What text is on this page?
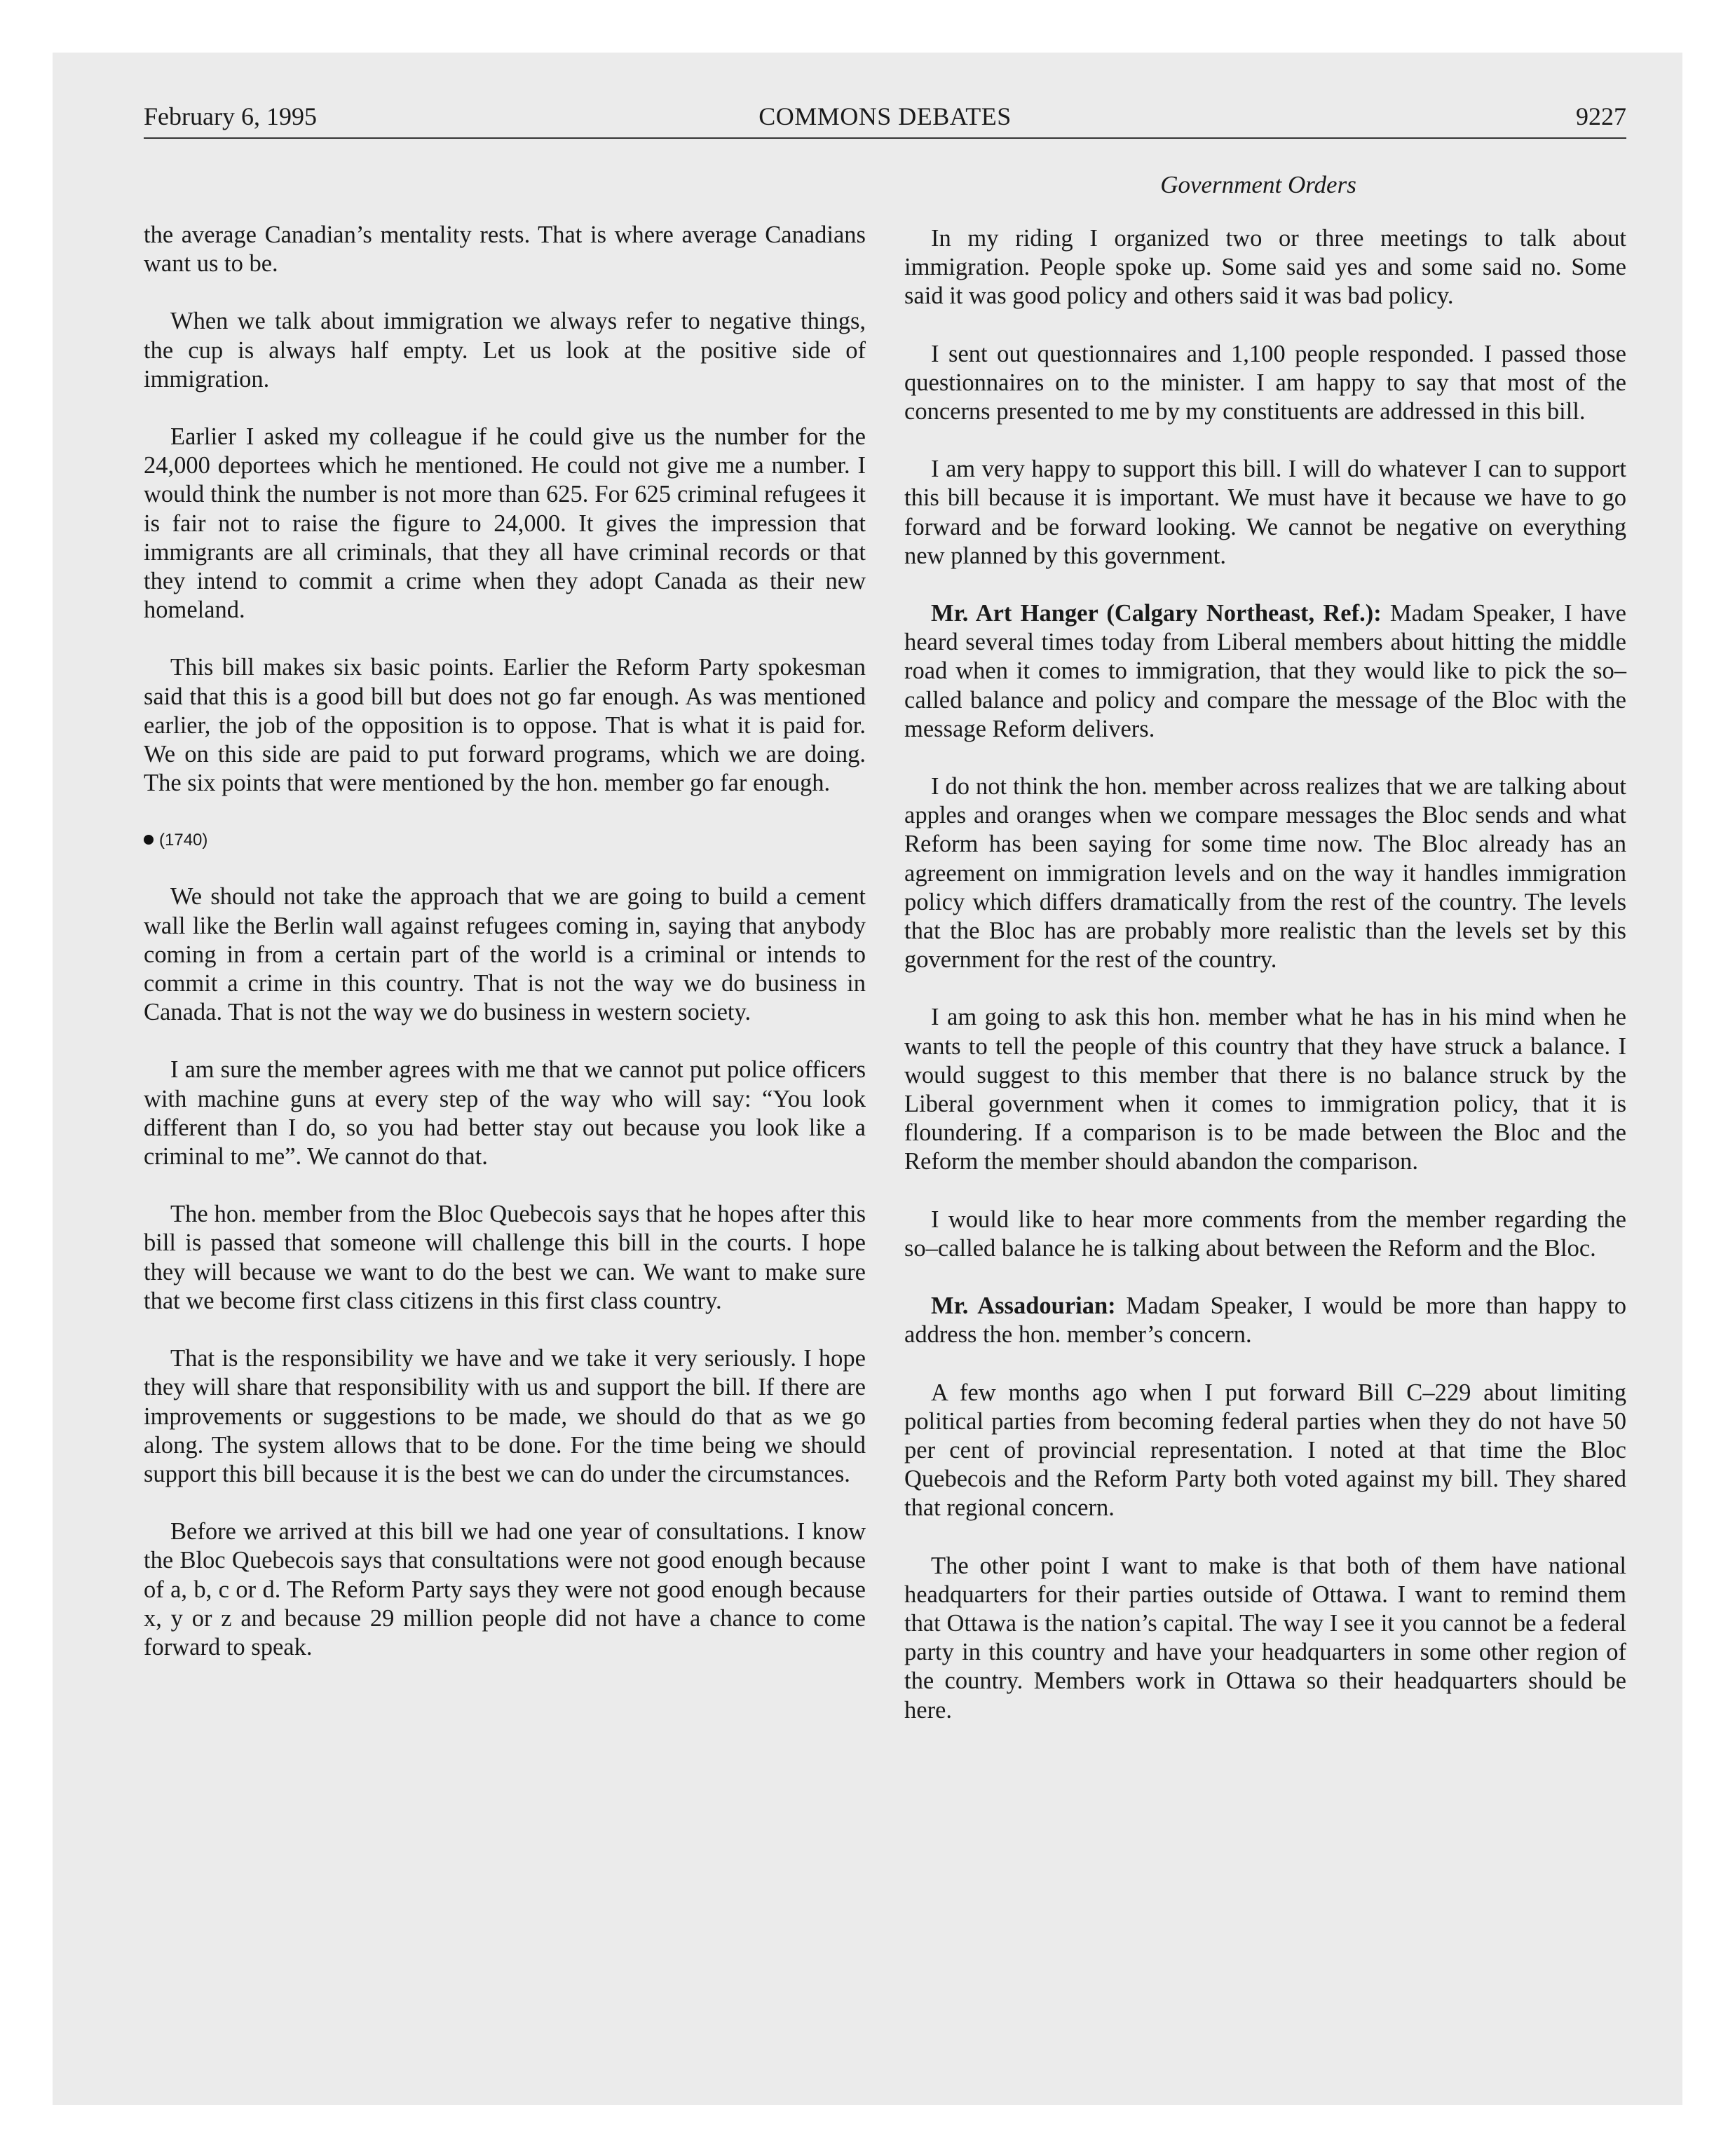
February 6, 1995	COMMONS DEBATES	9227
Government Orders

the average Canadian’s mentality rests. That is where average Canadians want us to be.

When we talk about immigration we always refer to negative things, the cup is always half empty. Let us look at the positive side of immigration.

Earlier I asked my colleague if he could give us the number for the 24,000 deportees which he mentioned. He could not give me a number. I would think the number is not more than 625. For 625 criminal refugees it is fair not to raise the figure to 24,000. It gives the impression that immigrants are all criminals, that they all have criminal records or that they intend to commit a crime when they adopt Canada as their new homeland.

This bill makes six basic points. Earlier the Reform Party spokesman said that this is a good bill but does not go far enough. As was mentioned earlier, the job of the opposition is to oppose. That is what it is paid for. We on this side are paid to put forward programs, which we are doing. The six points that were mentioned by the hon. member go far enough.

(1740)

We should not take the approach that we are going to build a cement wall like the Berlin wall against refugees coming in, saying that anybody coming in from a certain part of the world is a criminal or intends to commit a crime in this country. That is not the way we do business in Canada. That is not the way we do business in western society.

I am sure the member agrees with me that we cannot put police officers with machine guns at every step of the way who will say: “You look different than I do, so you had better stay out because you look like a criminal to me”. We cannot do that.

The hon. member from the Bloc Quebecois says that he hopes after this bill is passed that someone will challenge this bill in the courts. I hope they will because we want to do the best we can. We want to make sure that we become first class citizens in this first class country.

That is the responsibility we have and we take it very seriously. I hope they will share that responsibility with us and support the bill. If there are improvements or suggestions to be made, we should do that as we go along. The system allows that to be done. For the time being we should support this bill because it is the best we can do under the circumstances.

Before we arrived at this bill we had one year of consultations. I know the Bloc Quebecois says that consultations were not good enough because of a, b, c or d. The Reform Party says they were not good enough because x, y or z and because 29 million people did not have a chance to come forward to speak.

In my riding I organized two or three meetings to talk about immigration. People spoke up. Some said yes and some said no. Some said it was good policy and others said it was bad policy.

I sent out questionnaires and 1,100 people responded. I passed those questionnaires on to the minister. I am happy to say that most of the concerns presented to me by my constituents are addressed in this bill.

I am very happy to support this bill. I will do whatever I can to support this bill because it is important. We must have it because we have to go forward and be forward looking. We cannot be negative on everything new planned by this government.

Mr. Art Hanger (Calgary Northeast, Ref.): Madam Speaker, I have heard several times today from Liberal members about hitting the middle road when it comes to immigration, that they would like to pick the so–called balance and policy and compare the message of the Bloc with the message Reform delivers.

I do not think the hon. member across realizes that we are talking about apples and oranges when we compare messages the Bloc sends and what Reform has been saying for some time now. The Bloc already has an agreement on immigration levels and on the way it handles immigration policy which differs dramatically from the rest of the country. The levels that the Bloc has are probably more realistic than the levels set by this government for the rest of the country.

I am going to ask this hon. member what he has in his mind when he wants to tell the people of this country that they have struck a balance. I would suggest to this member that there is no balance struck by the Liberal government when it comes to immigration policy, that it is floundering. If a comparison is to be made between the Bloc and the Reform the member should abandon the comparison.

I would like to hear more comments from the member regarding the so–called balance he is talking about between the Reform and the Bloc.

Mr. Assadourian: Madam Speaker, I would be more than happy to address the hon. member’s concern.

A few months ago when I put forward Bill C–229 about limiting political parties from becoming federal parties when they do not have 50 per cent of provincial representation. I noted at that time the Bloc Quebecois and the Reform Party both voted against my bill. They shared that regional concern.

The other point I want to make is that both of them have national headquarters for their parties outside of Ottawa. I want to remind them that Ottawa is the nation’s capital. The way I see it you cannot be a federal party in this country and have your headquarters in some other region of the country. Members work in Ottawa so their headquarters should be here.
